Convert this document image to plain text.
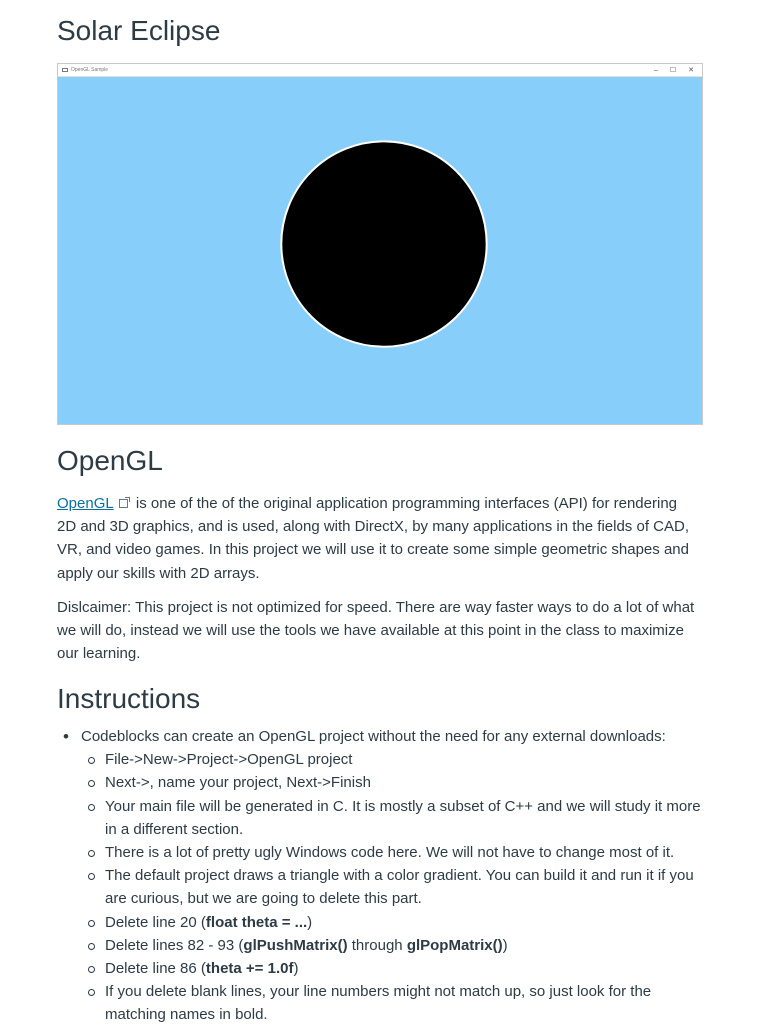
Solar Eclipse
OpenGL Sample	– ☐ ✕
OpenGL

OpenGL is one of the of the original application programming interfaces (API) for rendering 2D and 3D graphics, and is used, along with DirectX, by many applications in the fields of CAD, VR, and video games. In this project we will use it to create some simple geometric shapes and apply our skills with 2D arrays.

Dislcaimer: This project is not optimized for speed. There are way faster ways to do a lot of what we will do, instead we will use the tools we have available at this point in the class to maximize our learning.

Instructions
• Codeblocks can create an OpenGL project without the need for any external downloads:
File->New->Project->OpenGL project
Next->, name your project, Next->Finish
Your main file will be generated in C. It is mostly a subset of C++ and we will study it more in a different section.
There is a lot of pretty ugly Windows code here. We will not have to change most of it.
The default project draws a triangle with a color gradient. You can build it and run it if you are curious, but we are going to delete this part.
Delete line 20 (float theta = ...)
Delete lines 82 - 93 (glPushMatrix() through glPopMatrix())
Delete line 86 (theta += 1.0f)
If you delete blank lines, your line numbers might not match up, so just look for the matching names in bold.
